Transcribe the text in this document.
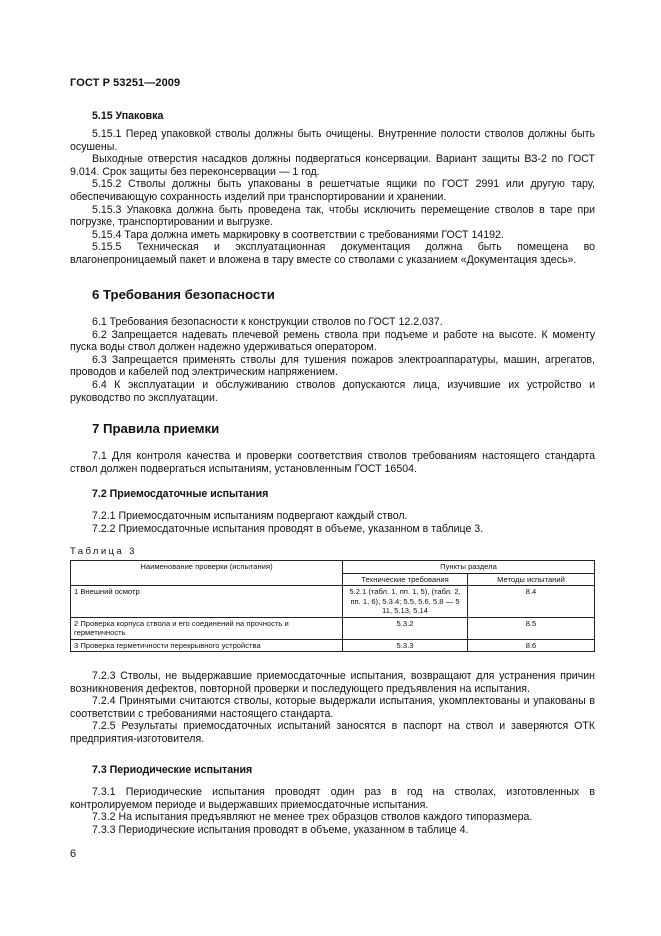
ГОСТ Р 53251—2009
5.15 Упаковка

5.15.1 Перед упаковкой стволы должны быть очищены. Внутренние полости стволов должны быть осушены.

Выходные отверстия насадков должны подвергаться консервации. Вариант защиты ВЗ-2 по ГОСТ 9.014. Срок защиты без переконсервации — 1 год.

5.15.2 Стволы должны быть упакованы в решетчатые ящики по ГОСТ 2991 или другую тару, обеспечивающую сохранность изделий при транспортировании и хранении.

5.15.3 Упаковка должна быть проведена так, чтобы исключить перемещение стволов в таре при погрузке, транспортировании и выгрузке.

5.15.4 Тара должна иметь маркировку в соответствии с требованиями ГОСТ 14192.

5.15.5 Техническая и эксплуатационная документация должна быть помещена во влагонепроницаемый пакет и вложена в тару вместе со стволами с указанием «Документация здесь».

6 Требования безопасности

6.1 Требования безопасности к конструкции стволов по ГОСТ 12.2.037.

6.2 Запрещается надевать плечевой ремень ствола при подъеме и работе на высоте. К моменту пуска воды ствол должен надежно удерживаться оператором.

6.3 Запрещается применять стволы для тушения пожаров электроаппаратуры, машин, агрегатов, проводов и кабелей под электрическим напряжением.

6.4 К эксплуатации и обслуживанию стволов допускаются лица, изучившие их устройство и руководство по эксплуатации.

7 Правила приемки

7.1 Для контроля качества и проверки соответствия стволов требованиям настоящего стандарта ствол должен подвергаться испытаниям, установленным ГОСТ 16504.

7.2 Приемосдаточные испытания

7.2.1 Приемосдаточным испытаниям подвергают каждый ствол.

7.2.2 Приемосдаточные испытания проводят в объеме, указанном в таблице 3.

Таблица 3
Наименование проверки (испытания)	Пункты раздела	
	Технические требования	Методы испытаний
1 Внешний осмотр	5.2.1 (табл. 1, пп. 1, 5), (табл. 2, пп. 1, 6), 5.3.4; 5.5, 5.6, 5.8 — 5 11, 5.13, 5.14	8.4
2 Проверка корпуса ствола и его соединений на прочность и герметичность	5.3.2	8.5
3 Проверка герметичности перекрывного устройства	5.3.3	8.6

7.2.3 Стволы, не выдержавшие приемосдаточные испытания, возвращают для устранения причин возникновения дефектов, повторной проверки и последующего предъявления на испытания.

7.2.4 Принятыми считаются стволы, которые выдержали испытания, укомплектованы и упакованы в соответствии с требованиями настоящего стандарта.

7.2.5 Результаты приемосдаточных испытаний заносятся в паспорт на ствол и заверяются ОТК предприятия-изготовителя.

7.3 Периодические испытания

7.3.1 Периодические испытания проводят один раз в год на стволах, изготовленных в контролируемом периоде и выдержавших приемосдаточные испытания.

7.3.2 На испытания предъявляют не менее трех образцов стволов каждого типоразмера.

7.3.3 Периодические испытания проводят в объеме, указанном в таблице 4.

6
